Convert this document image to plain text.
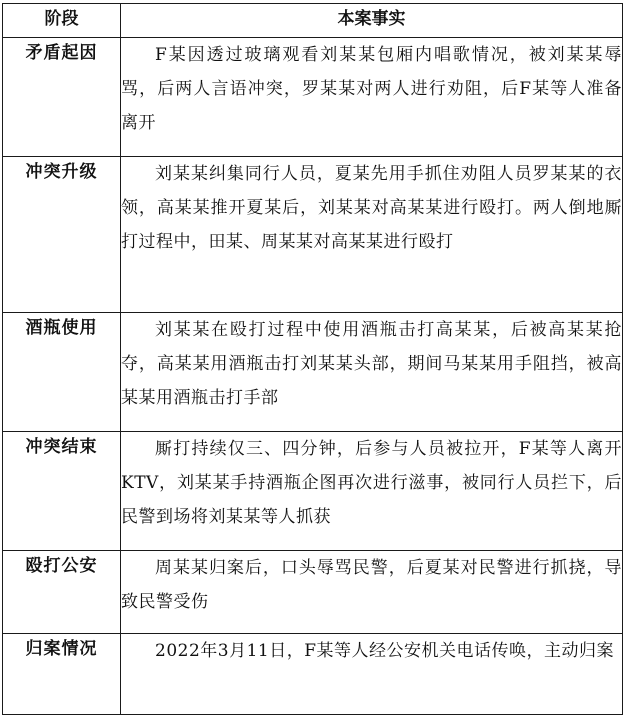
阶段	本案事实
矛盾起因	F某因透过玻璃观看刘某某包厢内唱歌情况，被刘某某辱骂，后两人言语冲突，罗某某对两人进行劝阻，后F某等人准备离开
冲突升级	刘某某纠集同行人员，夏某先用手抓住劝阻人员罗某某的衣领，高某某推开夏某后，刘某某对高某某进行殴打。两人倒地厮打过程中，田某、周某某对高某某进行殴打
酒瓶使用	刘某某在殴打过程中使用酒瓶击打高某某，后被高某某抢夺，高某某用酒瓶击打刘某某头部，期间马某某用手阻挡，被高某某用酒瓶击打手部
冲突结束	厮打持续仅三、四分钟，后参与人员被拉开，F某等人离开KTV，刘某某手持酒瓶企图再次进行滋事，被同行人员拦下，后民警到场将刘某某等人抓获
殴打公安	周某某归案后，口头辱骂民警，后夏某对民警进行抓挠，导致民警受伤
归案情况	2022年3月11日，F某等人经公安机关电话传唤，主动归案
